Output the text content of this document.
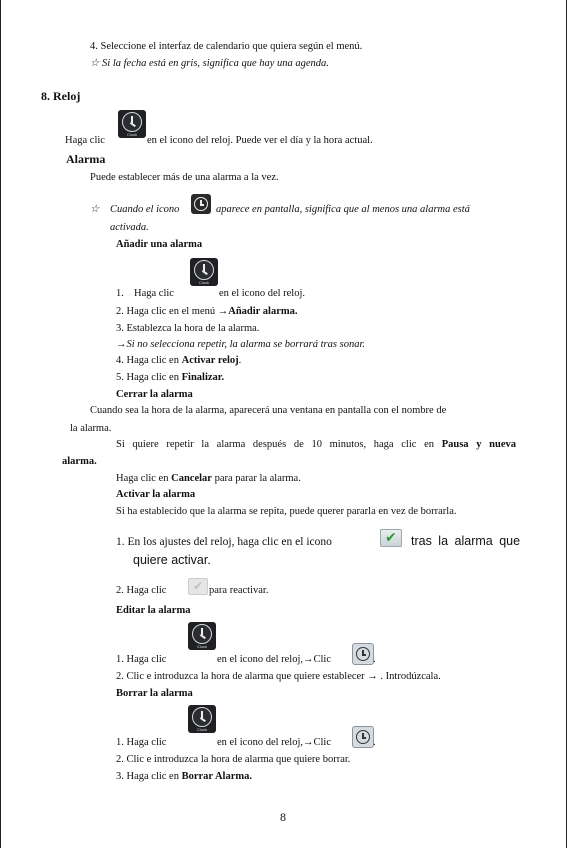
4. Seleccione el interfaz de calendario que quiera según el menú.
☆ Si la fecha está en gris, significa que hay una agenda.
8. Reloj
Haga clic
Clock
en el icono del reloj. Puede ver el día y la hora actual.
Alarma
Puede establecer más de una alarma a la vez.
☆ Cuando el icono	aparece en pantalla, significa que al menos una alarma está
activada.
Añadir una alarma
1. Haga clic
Clock
en el icono del reloj.
2. Haga clic en el menú →Añadir alarma.
3. Establezca la hora de la alarma.
→Si no selecciona repetir, la alarma se borrará tras sonar.
4. Haga clic en Activar reloj.
5. Haga clic en Finalizar.
Cerrar la alarma
Cuando sea la hora de la alarma, aparecerá una ventana en pantalla con el nombre de
la alarma.
Si quiere repetir la alarma después de 10 minutos, haga clic en Pausa y nueva
alarma.
Haga clic en Cancelar para parar la alarma.
Activar la alarma
Si ha establecido que la alarma se repita, puede querer pararla en vez de borrarla.
1. En los ajustes del reloj, haga clic en el icono	✔ tras la alarma que
quiere activar.
2. Haga clic ✔ para reactivar.
Editar la alarma
1. Haga clic
Clock
en el icono del reloj,→Clic	.
2. Clic e introduzca la hora de alarma que quiere establecer → . Introdúzcala.
Borrar la alarma
1. Haga clic
Clock
en el icono del reloj,→Clic	.
2. Clic e introduzca la hora de alarma que quiere borrar.
3. Haga clic en Borrar Alarma.
8
